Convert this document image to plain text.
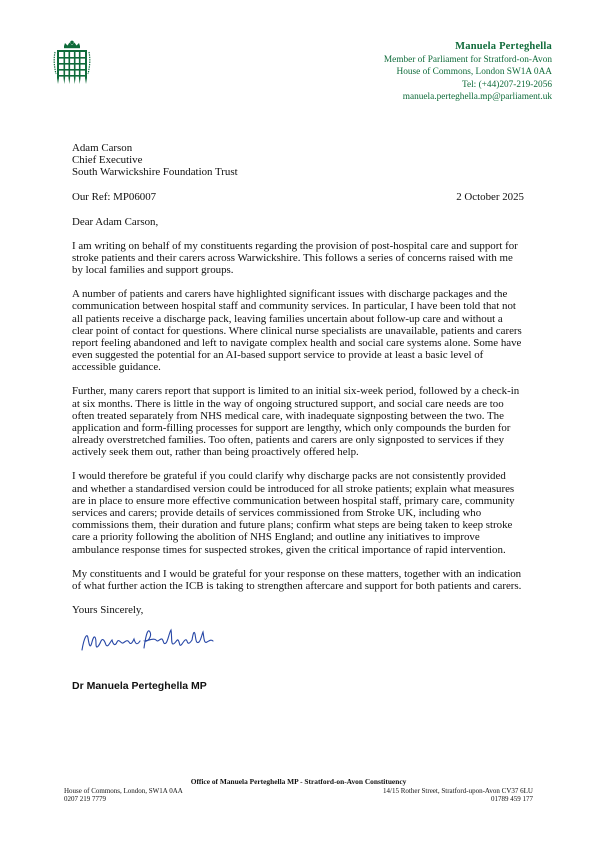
Manuela Perteghella
Member of Parliament for Stratford-on-Avon
House of Commons, London SW1A 0AA
Tel: (+44)207-219-2056
manuela.perteghella.mp@parliament.uk
Adam Carson
Chief Executive
South Warwickshire Foundation Trust
Our Ref: MP06007	2 October 2025
Dear Adam Carson,

I am writing on behalf of my constituents regarding the provision of post-hospital care and support for stroke patients and their carers across Warwickshire. This follows a series of concerns raised with me by local families and support groups.

A number of patients and carers have highlighted significant issues with discharge packages and the communication between hospital staff and community services. In particular, I have been told that not all patients receive a discharge pack, leaving families uncertain about follow-up care and without a clear point of contact for questions. Where clinical nurse specialists are unavailable, patients and carers report feeling abandoned and left to navigate complex health and social care systems alone. Some have even suggested the potential for an AI-based support service to provide at least a basic level of accessible guidance.

Further, many carers report that support is limited to an initial six-week period, followed by a check-in at six months. There is little in the way of ongoing structured support, and social care needs are too often treated separately from NHS medical care, with inadequate signposting between the two. The application and form-filling processes for support are lengthy, which only compounds the burden for already overstretched families. Too often, patients and carers are only signposted to services if they actively seek them out, rather than being proactively offered help.

I would therefore be grateful if you could clarify why discharge packs are not consistently provided and whether a standardised version could be introduced for all stroke patients; explain what measures are in place to ensure more effective communication between hospital staff, primary care, community services and carers; provide details of services commissioned from Stroke UK, including who commissions them, their duration and future plans; confirm what steps are being taken to keep stroke care a priority following the abolition of NHS England; and outline any initiatives to improve ambulance response times for suspected strokes, given the critical importance of rapid intervention.

My constituents and I would be grateful for your response on these matters, together with an indication of what further action the ICB is taking to strengthen aftercare and support for both patients and carers.

Yours Sincerely,
Dr Manuela Perteghella MP
Office of Manuela Perteghella MP - Stratford-on-Avon Constituency
House of Commons, London, SW1A 0AA	14/15 Rother Street, Stratford-upon-Avon CV37 6LU
0207 219 7779	01789 459 177
